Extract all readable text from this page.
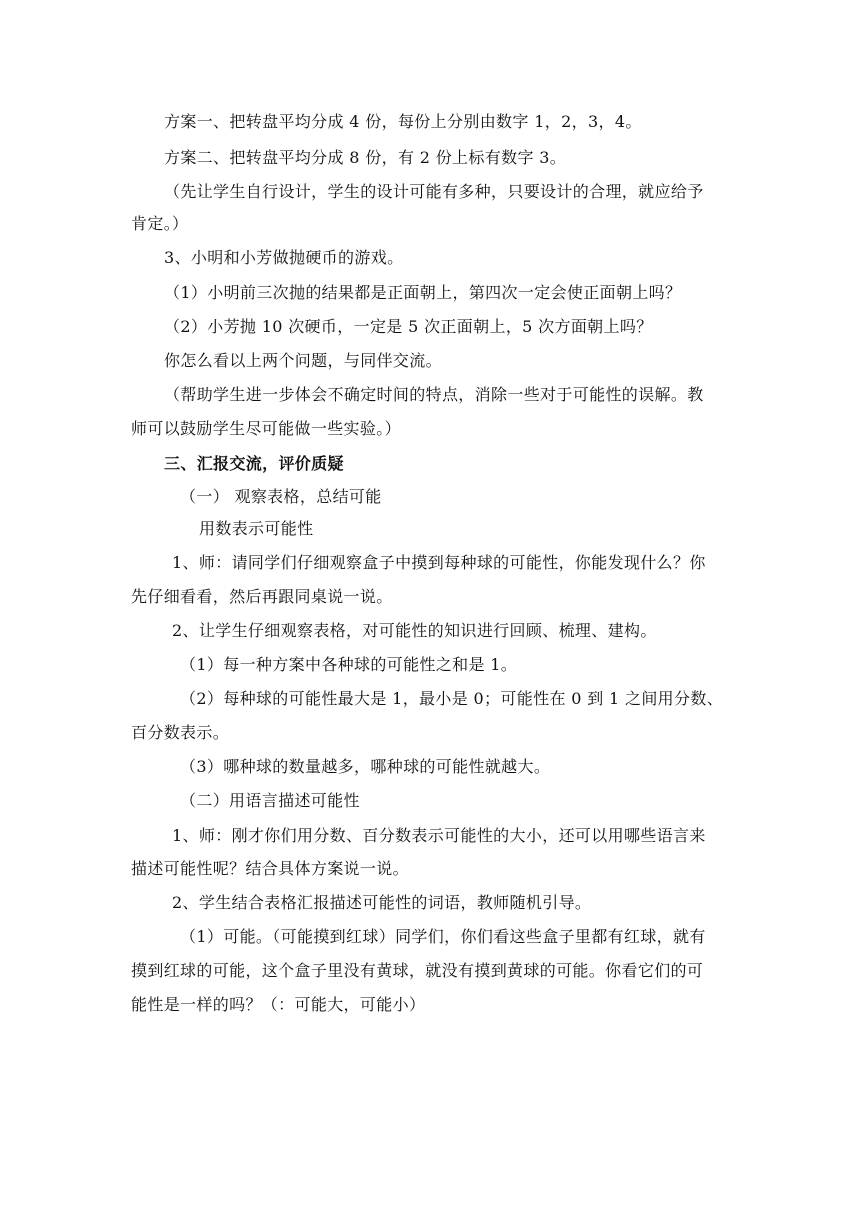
方案一、把转盘平均分成 4 份，每份上分别由数字 1，2，3，4。
方案二、把转盘平均分成 8 份，有 2 份上标有数字 3。
（先让学生自行设计，学生的设计可能有多种，只要设计的合理，就应给予
肯定。）
3、小明和小芳做抛硬币的游戏。
（1）小明前三次抛的结果都是正面朝上，第四次一定会使正面朝上吗？
（2）小芳抛 10 次硬币，一定是 5 次正面朝上，5 次方面朝上吗？
你怎么看以上两个问题，与同伴交流。
（帮助学生进一步体会不确定时间的特点，消除一些对于可能性的误解。教
师可以鼓励学生尽可能做一些实验。）
三、汇报交流，评价质疑
（一） 观察表格，总结可能
用数表示可能性
1、师：请同学们仔细观察盒子中摸到每种球的可能性，你能发现什么？你
先仔细看看，然后再跟同桌说一说。
2、让学生仔细观察表格，对可能性的知识进行回顾、梳理、建构。
（1）每一种方案中各种球的可能性之和是 1。
（2）每种球的可能性最大是 1，最小是 0；可能性在 0 到 1 之间用分数、
百分数表示。
（3）哪种球的数量越多，哪种球的可能性就越大。
（二）用语言描述可能性
1、师：刚才你们用分数、百分数表示可能性的大小，还可以用哪些语言来
描述可能性呢？结合具体方案说一说。
2、学生结合表格汇报描述可能性的词语，教师随机引导。
（1）可能。（可能摸到红球）同学们，你们看这些盒子里都有红球，就有
摸到红球的可能，这个盒子里没有黄球，就没有摸到黄球的可能。你看它们的可
能性是一样的吗？（：可能大，可能小）
